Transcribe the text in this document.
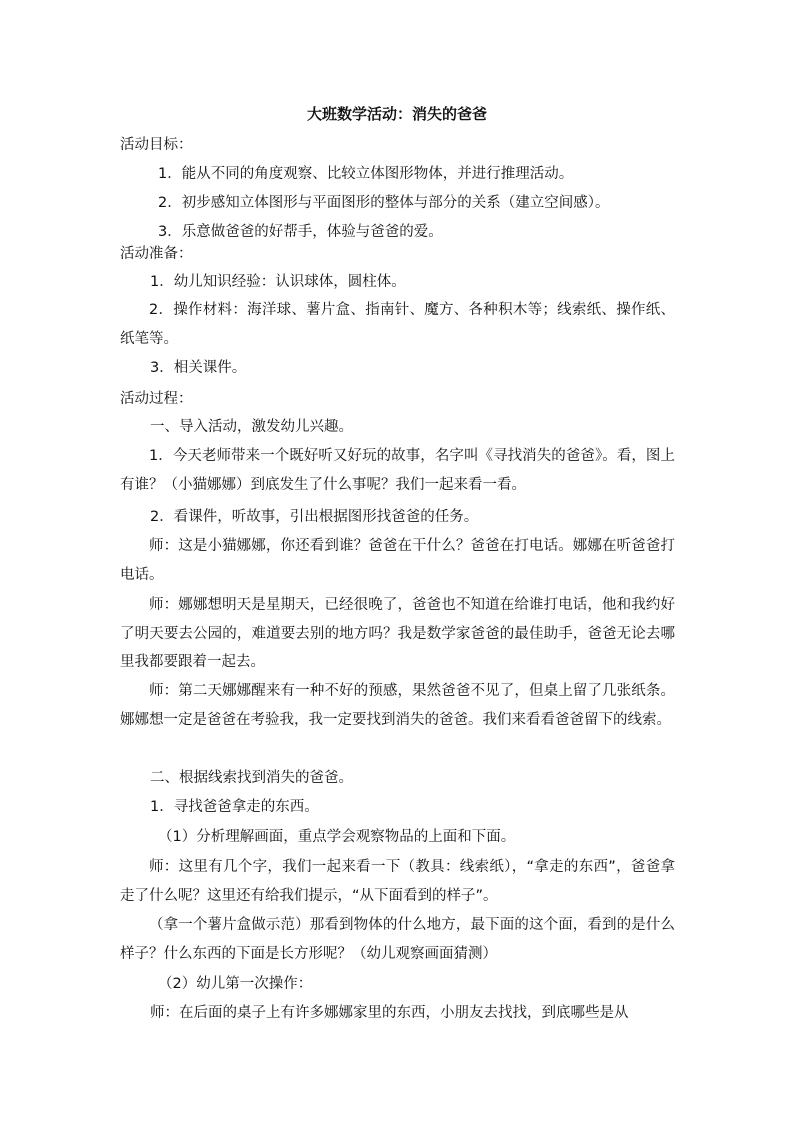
大班数学活动：消失的爸爸
活动目标：
1．能从不同的角度观察、比较立体图形物体，并进行推理活动。
2．初步感知立体图形与平面图形的整体与部分的关系（建立空间感）。
3．乐意做爸爸的好帮手，体验与爸爸的爱。
活动准备：
1．幼儿知识经验：认识球体，圆柱体。
2．操作材料：海洋球、薯片盒、指南针、魔方、各种积木等；线索纸、操作纸、纸笔等。
3．相关课件。
活动过程：
一、导入活动，激发幼儿兴趣。
1．今天老师带来一个既好听又好玩的故事，名字叫《寻找消失的爸爸》。看，图上有谁？（小猫娜娜）到底发生了什么事呢？我们一起来看一看。
2．看课件，听故事，引出根据图形找爸爸的任务。
师：这是小猫娜娜，你还看到谁？爸爸在干什么？爸爸在打电话。娜娜在听爸爸打电话。
师：娜娜想明天是星期天，已经很晚了，爸爸也不知道在给谁打电话，他和我约好了明天要去公园的，难道要去别的地方吗？我是数学家爸爸的最佳助手，爸爸无论去哪里我都要跟着一起去。
师：第二天娜娜醒来有一种不好的预感，果然爸爸不见了，但桌上留了几张纸条。娜娜想一定是爸爸在考验我，我一定要找到消失的爸爸。我们来看看爸爸留下的线索。
二、根据线索找到消失的爸爸。
1．寻找爸爸拿走的东西。
（1）分析理解画面，重点学会观察物品的上面和下面。
师：这里有几个字，我们一起来看一下（教具：线索纸），“拿走的东西”，爸爸拿走了什么呢？这里还有给我们提示，“从下面看到的样子”。
（拿一个薯片盒做示范）那看到物体的什么地方，最下面的这个面，看到的是什么样子？什么东西的下面是长方形呢？（幼儿观察画面猜测）
（2）幼儿第一次操作：
师：在后面的桌子上有许多娜娜家里的东西，小朋友去找找，到底哪些是从
